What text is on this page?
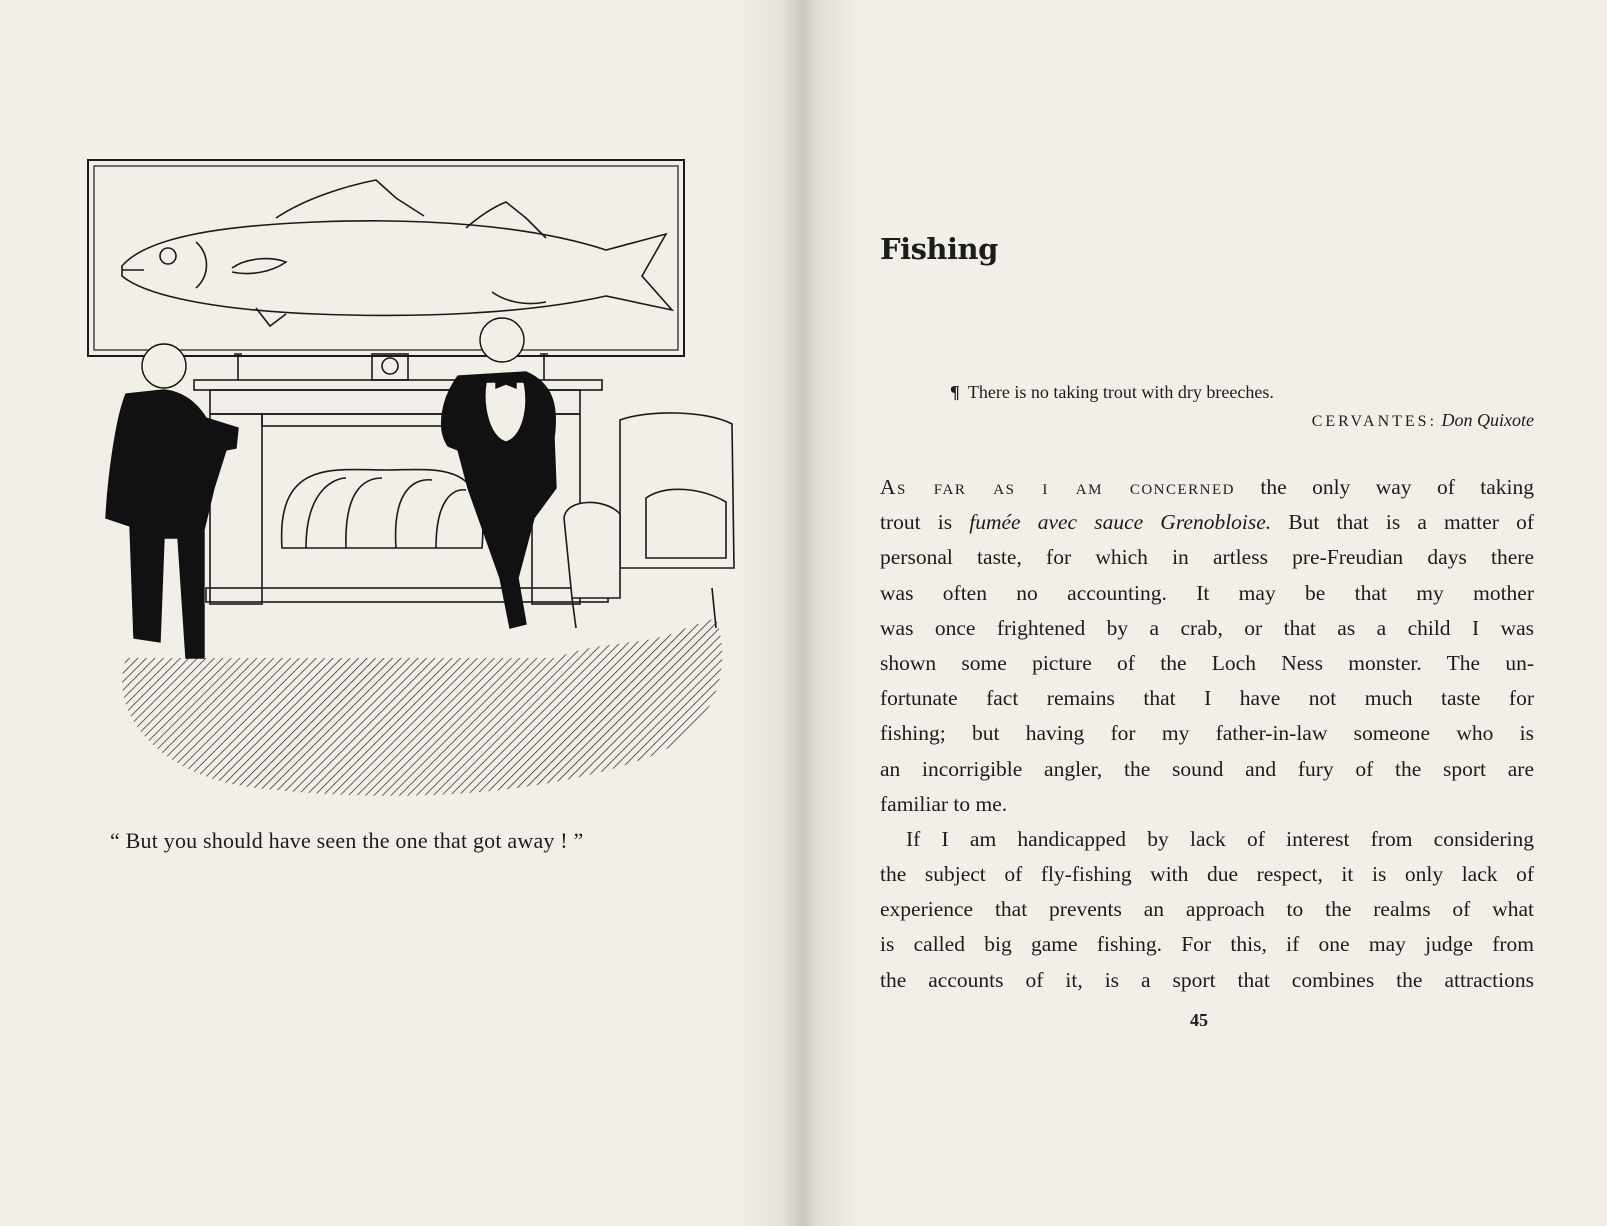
“ But you should have seen the one that got away ! ”
Fishing
¶ There is no taking trout with dry breeches.
CERVANTES: Don Quixote
As far as i am concerned the only way of taking
trout is fumée avec sauce Grenobloise. But that is a matter of
personal taste, for which in artless pre-Freudian days there
was often no accounting. It may be that my mother
was once frightened by a crab, or that as a child I was
shown some picture of the Loch Ness monster. The un-
fortunate fact remains that I have not much taste for
fishing; but having for my father-in-law someone who is
an incorrigible angler, the sound and fury of the sport are
familiar to me.
If I am handicapped by lack of interest from considering
the subject of fly-fishing with due respect, it is only lack of
experience that prevents an approach to the realms of what
is called big game fishing. For this, if one may judge from
the accounts of it, is a sport that combines the attractions
45
